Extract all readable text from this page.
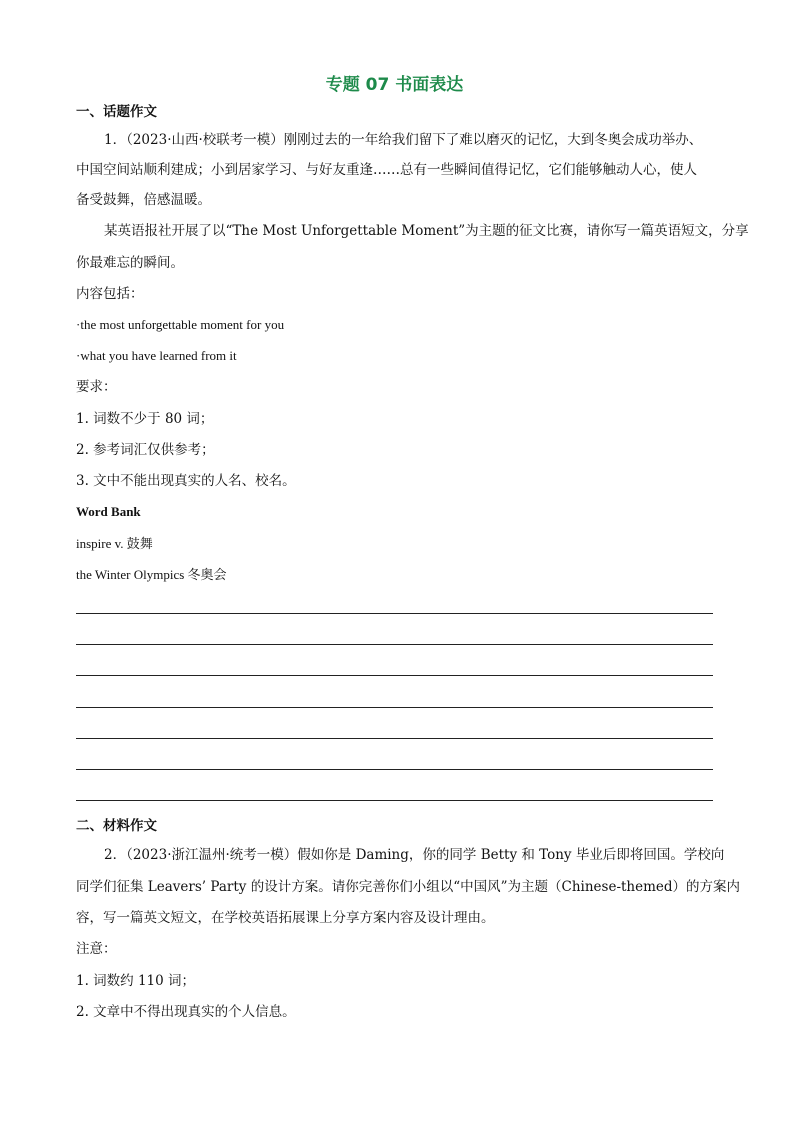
专题 07 书面表达
一、话题作文
1．（2023·山西·校联考一模）刚刚过去的一年给我们留下了难以磨灭的记忆，大到冬奥会成功举办、
中国空间站顺利建成；小到居家学习、与好友重逢……总有一些瞬间值得记忆，它们能够触动人心，使人
备受鼓舞，倍感温暖。
某英语报社开展了以“The Most Unforgettable Moment”为主题的征文比赛，请你写一篇英语短文，分享
你最难忘的瞬间。
内容包括：
·the most unforgettable moment for you
·what you have learned from it
要求：
1. 词数不少于 80 词；
2. 参考词汇仅供参考；
3. 文中不能出现真实的人名、校名。
Word Bank
inspire v. 鼓舞
the Winter Olympics 冬奥会
二、材料作文
2．（2023·浙江温州·统考一模）假如你是 Daming，你的同学 Betty 和 Tony 毕业后即将回国。学校向
同学们征集 Leavers’ Party 的设计方案。请你完善你们小组以“中国风”为主题（Chinese-themed）的方案内
容，写一篇英文短文，在学校英语拓展课上分享方案内容及设计理由。
注意：
1. 词数约 110 词；
2. 文章中不得出现真实的个人信息。
